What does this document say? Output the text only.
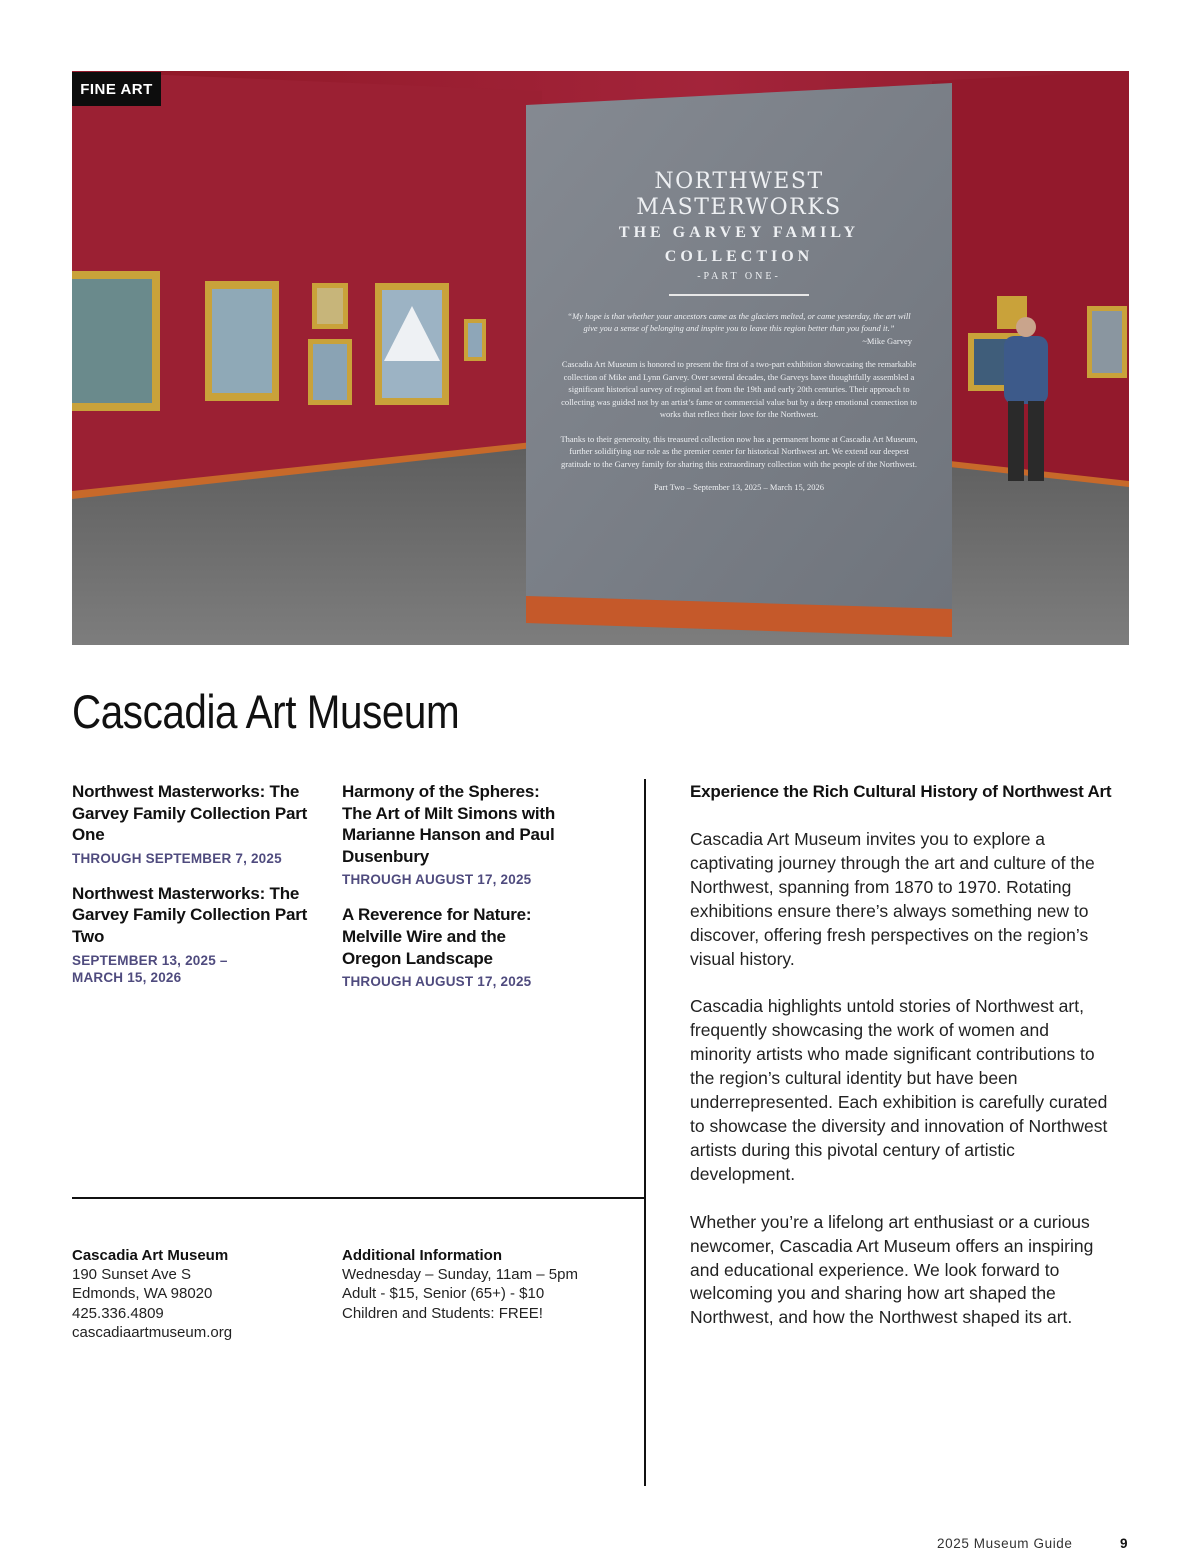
NORTHWEST

MASTERWORKS

THE GARVEY FAMILY

COLLECTION

-PART ONE-
“My hope is that whether your ancestors came as the glaciers melted, or came yesterday, the art will give you a sense of belonging and inspire you to leave this region better than you found it.”
~Mike Garvey
Cascadia Art Museum is honored to present the first of a two-part exhibition showcasing the remarkable collection of Mike and Lynn Garvey. Over several decades, the Garveys have thoughtfully assembled a significant historical survey of regional art from the 19th and early 20th centuries. Their approach to collecting was guided not by an artist’s fame or commercial value but by a deep emotional connection to works that reflect their love for the Northwest.
Thanks to their generosity, this treasured collection now has a permanent home at Cascadia Art Museum, further solidifying our role as the premier center for historical Northwest art. We extend our deepest gratitude to the Garvey family for sharing this extraordinary collection with the people of the Northwest.
Part Two – September 13, 2025 – March 15, 2026
FINE ART
Cascadia Art Museum

Northwest Masterworks: The Garvey Family Collection Part One

THROUGH SEPTEMBER 7, 2025

Northwest Masterworks: The Garvey Family Collection Part Two

SEPTEMBER 13, 2025 – MARCH 15, 2026

Harmony of the Spheres: The Art of Milt Simons with Marianne Hanson and Paul Dusenbury

THROUGH AUGUST 17, 2025

A Reverence for Nature: Melville Wire and the Oregon Landscape

THROUGH AUGUST 17, 2025
Cascadia Art Museum
190 Sunset Ave S
Edmonds, WA 98020
425.336.4809
cascadiaartmuseum.org
Additional Information
Wednesday – Sunday, 11am – 5pm
Adult - $15, Senior (65+) - $10
Children and Students: FREE!
Experience the Rich Cultural History of Northwest Art

Cascadia Art Museum invites you to explore a captivating journey through the art and culture of the Northwest, spanning from 1870 to 1970. Rotating exhibitions ensure there’s always something new to discover, offering fresh perspectives on the region’s visual history.

Cascadia highlights untold stories of Northwest art, frequently showcasing the work of women and minority artists who made significant contributions to the region’s cultural identity but have been underrepresented. Each exhibition is carefully curated to showcase the diversity and innovation of Northwest artists during this pivotal century of artistic development.

Whether you’re a lifelong art enthusiast or a curious newcomer, Cascadia Art Museum offers an inspiring and educational experience. We look forward to welcoming you and sharing how art shaped the Northwest, and how the Northwest shaped its art.

2025 Museum Guide	9
